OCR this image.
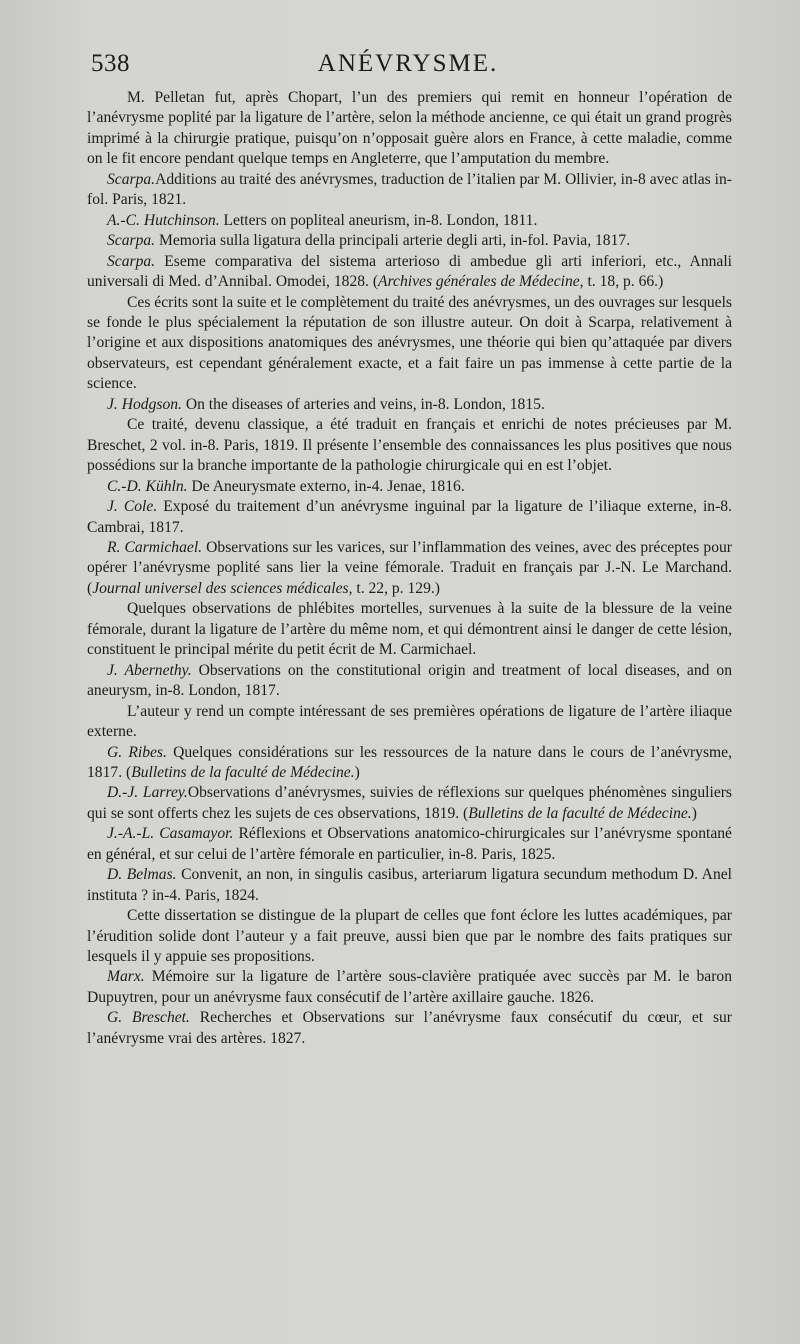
538	ANÉVRYSME.

M. Pelletan fut, après Chopart, l’un des premiers qui remit en honneur l’opération de l’anévrysme poplité par la ligature de l’artère, selon la méthode ancienne, ce qui était un grand progrès imprimé à la chirurgie pratique, puisqu’on n’opposait guère alors en France, à cette maladie, comme on le fit encore pendant quelque temps en Angleterre, que l’amputation du membre.

Scarpa.Additions au traité des anévrysmes, traduction de l’italien par M. Ollivier, in-8 avec atlas in-fol. Paris, 1821.

A.-C. Hutchinson. Letters on popliteal aneurism, in-8. London, 1811.

Scarpa. Memoria sulla ligatura della principali arterie degli arti, in-fol. Pavia, 1817.

Scarpa. Eseme comparativa del sistema arterioso di ambedue gli arti inferiori, etc., Annali universali di Med. d’Annibal. Omodei, 1828. (Archives générales de Médecine, t. 18, p. 66.)

Ces écrits sont la suite et le complètement du traité des anévrysmes, un des ouvrages sur lesquels se fonde le plus spécialement la réputation de son illustre auteur. On doit à Scarpa, relativement à l’origine et aux dispositions anatomiques des anévrysmes, une théorie qui bien qu’attaquée par divers observateurs, est cependant généralement exacte, et a fait faire un pas immense à cette partie de la science.

J. Hodgson. On the diseases of arteries and veins, in-8. London, 1815.

Ce traité, devenu classique, a été traduit en français et enrichi de notes précieuses par M. Breschet, 2 vol. in-8. Paris, 1819. Il présente l’ensemble des connaissances les plus positives que nous possédions sur la branche importante de la pathologie chirurgicale qui en est l’objet.

C.-D. Kühln. De Aneurysmate externo, in-4. Jenae, 1816.

J. Cole. Exposé du traitement d’un anévrysme inguinal par la ligature de l’iliaque externe, in-8. Cambrai, 1817.

R. Carmichael. Observations sur les varices, sur l’inflammation des veines, avec des préceptes pour opérer l’anévrysme poplité sans lier la veine fémorale. Traduit en français par J.-N. Le Marchand. (Journal universel des sciences médicales, t. 22, p. 129.)

Quelques observations de phlébites mortelles, survenues à la suite de la blessure de la veine fémorale, durant la ligature de l’artère du même nom, et qui démontrent ainsi le danger de cette lésion, constituent le principal mérite du petit écrit de M. Carmichael.

J. Abernethy. Observations on the constitutional origin and treatment of local diseases, and on aneurysm, in-8. London, 1817.

L’auteur y rend un compte intéressant de ses premières opérations de ligature de l’artère iliaque externe.

G. Ribes. Quelques considérations sur les ressources de la nature dans le cours de l’anévrysme, 1817. (Bulletins de la faculté de Médecine.)

D.-J. Larrey.Observations d’anévrysmes, suivies de réflexions sur quelques phénomènes singuliers qui se sont offerts chez les sujets de ces observations, 1819. (Bulletins de la faculté de Médecine.)

J.-A.-L. Casamayor. Réflexions et Observations anatomico-chirurgicales sur l’anévrysme spontané en général, et sur celui de l’artère fémorale en particulier, in-8. Paris, 1825.

D. Belmas. Convenit, an non, in singulis casibus, arteriarum ligatura secundum methodum D. Anel instituta ? in-4. Paris, 1824.

Cette dissertation se distingue de la plupart de celles que font éclore les luttes académiques, par l’érudition solide dont l’auteur y a fait preuve, aussi bien que par le nombre des faits pratiques sur lesquels il y appuie ses propositions.

Marx. Mémoire sur la ligature de l’artère sous-clavière pratiquée avec succès par M. le baron Dupuytren, pour un anévrysme faux consécutif de l’artère axillaire gauche. 1826.

G. Breschet. Recherches et Observations sur l’anévrysme faux consécutif du cœur, et sur l’anévrysme vrai des artères. 1827.
